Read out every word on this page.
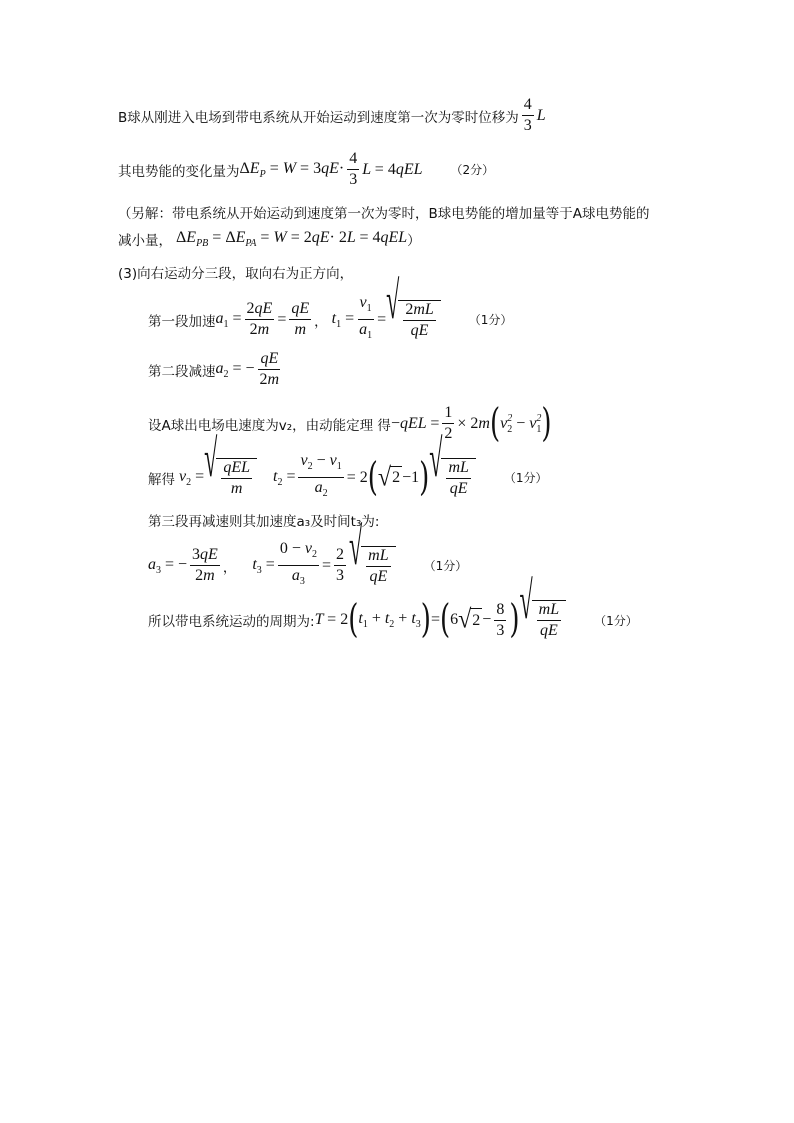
B球从刚进入电场到带电系统从开始运动到速度第一次为零时位移为 $\frac{4}{3}$ L
其电势能的变化量为 $\Delta E_P = W = 3qE\cdot \frac{4}{3}$ L = 4qEL （2分）
（另解：带电系统从开始运动到速度第一次为零时，B球电势能的增加量等于A球电势能的
减小量， $\Delta E_{PB} = \Delta E_{PA} = W = 2qE\cdot 2L = 4qEL$ ）
(3)向右运动分三段，取向右为正方向，
第一段加速 $a_1 = \frac{2qE}{2m} = \frac{qE}{m}$ ， $t_1 = \frac{v_1}{a_1}$ = √ $\frac{2mL}{qE}$	（1分）
第二段减速 $a_2$ = − $\frac{qE}{2m}$
设A球出电场电速度为v₂，由动能定理 得 $-qEL = \frac{1}{2} \times 2m$ ( $v^2_2 - v^2_1$ )
解得 $v_2$ = √ $\frac{\text{qEL}}{m} t_2 = \frac{v_2 - v_1}{a_2} = 2$ ( √ 2 −1 ) √ $\frac{mL}{qE}$	（1分）
第三段再减速则其加速度a₃及时间t₃为:
$a_3$ = − $\frac{3qE}{2m}$ ， $t_3 = \frac{0 - v_2}{a_3} = \frac{2}{3}$ √ $\frac{mL}{qE}$	（1分）
所以带电系统运动的周期为: T = 2 ( $t_1 + t_2 + t_3$ ) = ( 6 √ $2 - \frac{8}{3}$ ) √ $\frac{mL}{qE}$	（1分）
